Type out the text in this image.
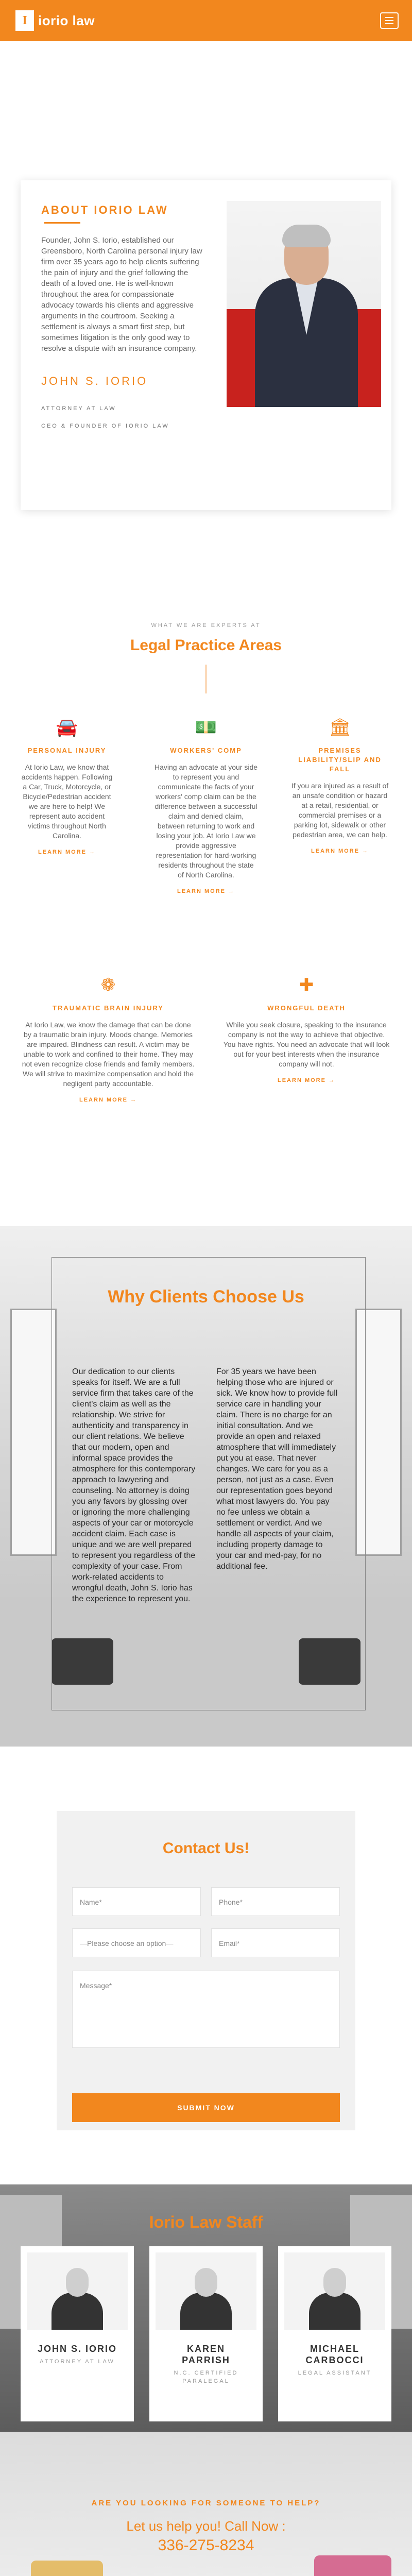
I iorio law
ABOUT IORIO LAW
Founder, John S. Iorio, established our Greensboro, North Carolina personal injury law firm over 35 years ago to help clients suffering the pain of injury and the grief following the death of a loved one. He is well-known throughout the area for compassionate advocacy towards his clients and aggressive arguments in the courtroom. Seeking a settlement is always a smart first step, but sometimes litigation is the only good way to resolve a dispute with an insurance company.
JOHN S. IORIO
ATTORNEY AT LAW
CEO & FOUNDER OF IORIO LAW
WHAT WE ARE EXPERTS AT
Legal Practice Areas
🚘
PERSONAL INJURY
At Iorio Law, we know that accidents happen. Following a Car, Truck, Motorcycle, or Bicycle/Pedestrian accident we are here to help! We represent auto accident victims throughout North Carolina.
LEARN MORE →
💵
WORKERS' COMP
Having an advocate at your side to represent you and communicate the facts of your workers' comp claim can be the difference between a successful claim and denied claim, between returning to work and losing your job. At Iorio Law we provide aggressive representation for hard-working residents throughout the state of North Carolina.
LEARN MORE →
🏛
PREMISES LIABILITY/SLIP AND FALL
If you are injured as a result of an unsafe condition or hazard at a retail, residential, or commercial premises or a parking lot, sidewalk or other pedestrian area, we can help.
LEARN MORE →
❁
TRAUMATIC BRAIN INJURY
At Iorio Law, we know the damage that can be done by a traumatic brain injury. Moods change. Memories are impaired. Blindness can result. A victim may be unable to work and confined to their home. They may not even recognize close friends and family members. We will strive to maximize compensation and hold the negligent party accountable.
LEARN MORE →
✚
WRONGFUL DEATH
While you seek closure, speaking to the insurance company is not the way to achieve that objective. You have rights. You need an advocate that will look out for your best interests when the insurance company will not.
LEARN MORE →
Why Clients Choose Us
Our dedication to our clients speaks for itself. We are a full service firm that takes care of the client's claim as well as the relationship. We strive for authenticity and transparency in our client relations. We believe that our modern, open and informal space provides the atmosphere for this contemporary approach to lawyering and counseling. No attorney is doing you any favors by glossing over or ignoring the more challenging aspects of your car or motorcycle accident claim. Each case is unique and we are well prepared to represent you regardless of the complexity of your case. From work-related accidents to wrongful death, John S. Iorio has the experience to represent you.
For 35 years we have been helping those who are injured or sick. We know how to provide full service care in handling your claim. There is no charge for an initial consultation. And we provide an open and relaxed atmosphere that will immediately put you at ease. That never changes. We care for you as a person, not just as a case. Even our representation goes beyond what most lawyers do. You pay no fee unless we obtain a settlement or verdict. And we handle all aspects of your claim, including property damage to your car and med-pay, for no additional fee.
Contact Us!
Name*	Phone*
—Please choose an option—	Email*
Message*
SUBMIT NOW
Iorio Law Staff
JOHN S. IORIO
ATTORNEY AT LAW
KAREN PARRISH
N.C. CERTIFIED PARALEGAL
MICHAEL CARBOCCI
LEGAL ASSISTANT
ARE YOU LOOKING FOR SOMEONE TO HELP?
Let us help you! Call Now :
336-275-8234
